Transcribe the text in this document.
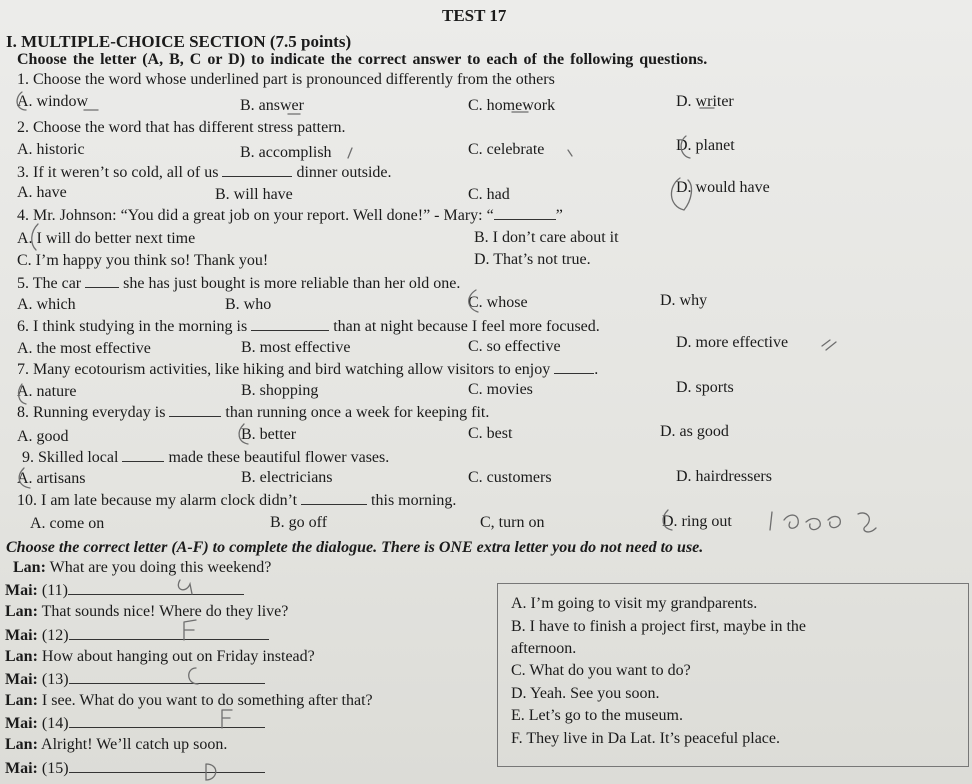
TEST 17
I. MULTIPLE-CHOICE SECTION (7.5 points)
Choose the letter (A, B, C or D) to indicate the correct answer to each of the following questions.
1. Choose the word whose underlined part is pronounced differently from the others
A. window	B. answer	C. homework	D. writer
2. Choose the word that has different stress pattern.
A. historic	B. accomplish	C. celebrate	D. planet
3. If it weren’t so cold, all of us	dinner outside.
A. have	B. will have	C. had	D. would have
4. Mr. Johnson: “You did a great job on your report. Well done!” - Mary: “	”
A. I will do better next time	B. I don’t care about it
C. I’m happy you think so! Thank you!	D. That’s not true.
5. The car	she has just bought is more reliable than her old one.
A. which	B. who	C. whose	D. why
6. I think studying in the morning is	than at night because I feel more focused.
A. the most effective	B. most effective	C. so effective	D. more effective
7. Many ecotourism activities, like hiking and bird watching allow visitors to enjoy	.
A. nature	B. shopping	C. movies	D. sports
8. Running everyday is	than running once a week for keeping fit.
A. good	B. better	C. best	D. as good
9. Skilled local	made these beautiful flower vases.
A. artisans	B. electricians	C. customers	D. hairdressers
10. I am late because my alarm clock didn’t	this morning.
A. come on	B. go off	C, turn on	D. ring out
Choose the correct letter (A-F) to complete the dialogue. There is ONE extra letter you do not need to use.
Lan: What are you doing this weekend?
Mai: (11)
Lan: That sounds nice! Where do they live?
Mai: (12)
Lan: How about hanging out on Friday instead?
Mai: (13)
Lan: I see. What do you want to do something after that?
Mai: (14)
Lan: Alright! We’ll catch up soon.
Mai: (15)
A. I’m going to visit my grandparents.
B. I have to finish a project first, maybe in the
afternoon.
C. What do you want to do?
D. Yeah. See you soon.
E. Let’s go to the museum.
F. They live in Da Lat. It’s peaceful place.
